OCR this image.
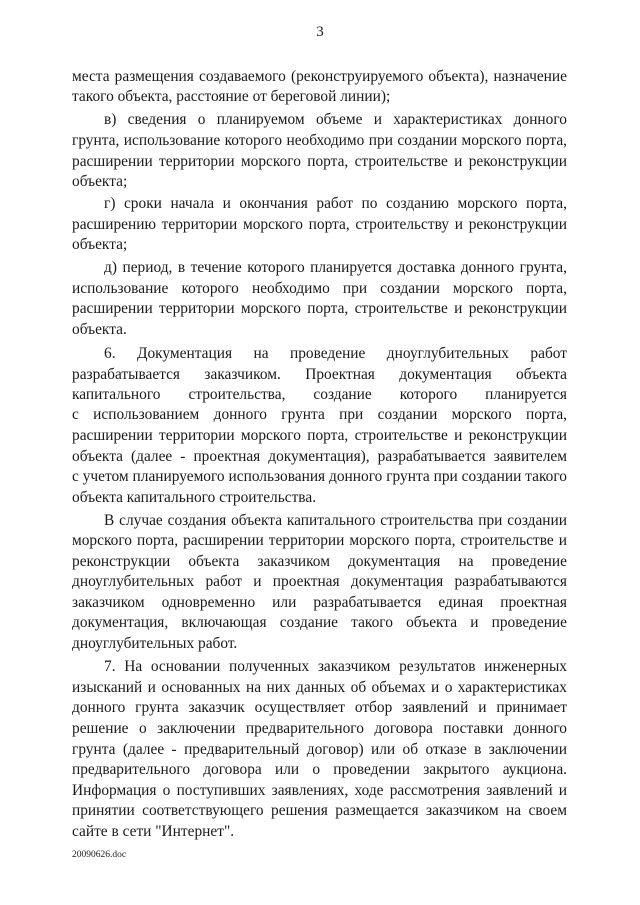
3
места размещения создаваемого (реконструируемого объекта), назначение
такого объекта, расстояние от береговой линии);
в) сведения о планируемом объеме и характеристиках донного
грунта, использование которого необходимо при создании морского порта,
расширении территории морского порта, строительстве и реконструкции
объекта;
г) сроки начала и окончания работ по созданию морского порта,
расширению территории морского порта, строительству и реконструкции
объекта;
д) период, в течение которого планируется доставка донного грунта,
использование которого необходимо при создании морского порта,
расширении территории морского порта, строительстве и реконструкции
объекта.
6. Документация на проведение дноуглубительных работ
разрабатывается заказчиком. Проектная документация объекта
капитального строительства, создание которого планируется
с использованием донного грунта при создании морского порта,
расширении территории морского порта, строительстве и реконструкции
объекта (далее - проектная документация), разрабатывается заявителем
с учетом планируемого использования донного грунта при создании такого
объекта капитального строительства.
В случае создания объекта капитального строительства при создании
морского порта, расширении территории морского порта, строительстве и
реконструкции объекта заказчиком документация на проведение
дноуглубительных работ и проектная документация разрабатываются
заказчиком одновременно или разрабатывается единая проектная
документация, включающая создание такого объекта и проведение
дноуглубительных работ.
7. На основании полученных заказчиком результатов инженерных
изысканий и основанных на них данных об объемах и о характеристиках
донного грунта заказчик осуществляет отбор заявлений и принимает
решение о заключении предварительного договора поставки донного
грунта (далее - предварительный договор) или об отказе в заключении
предварительного договора или о проведении закрытого аукциона.
Информация о поступивших заявлениях, ходе рассмотрения заявлений и
принятии соответствующего решения размещается заказчиком на своем
сайте в сети "Интернет".
20090626.doc
